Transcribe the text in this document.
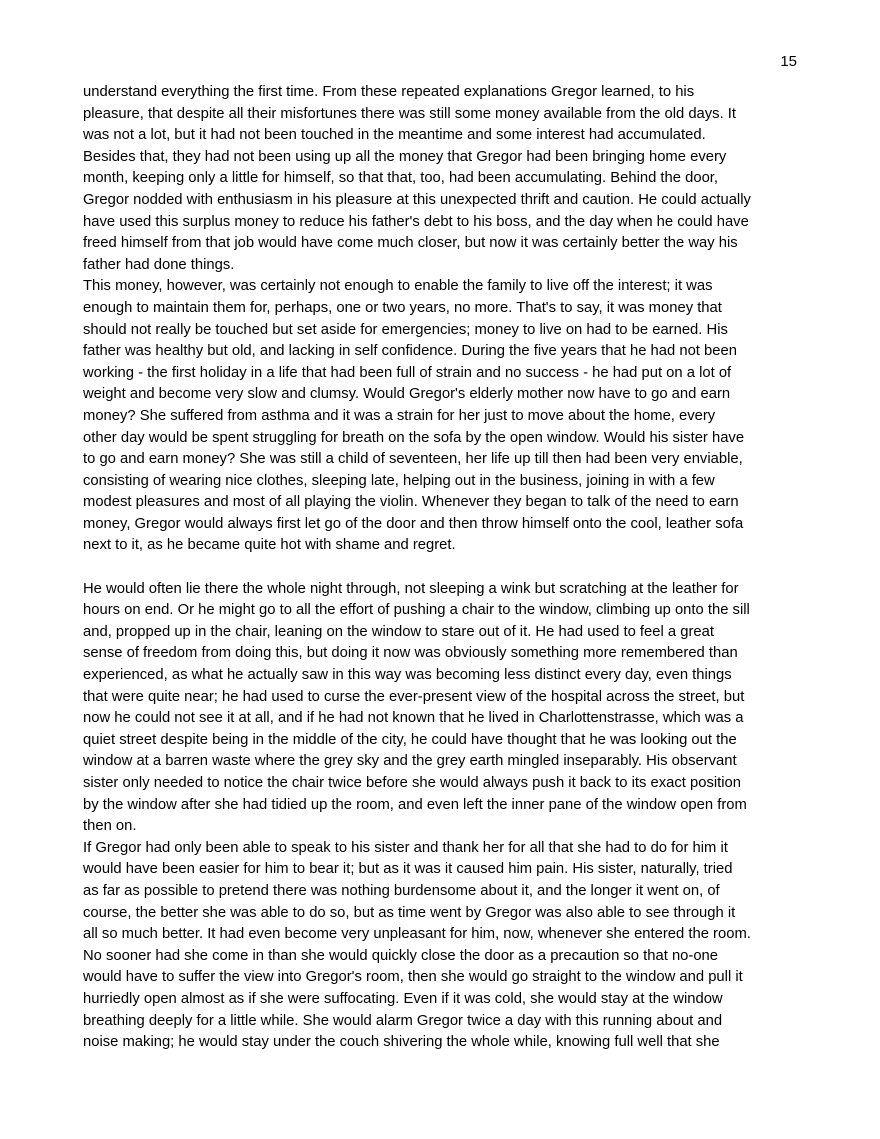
15

understand everything the first time. From these repeated explanations Gregor learned, to his
pleasure, that despite all their misfortunes there was still some money available from the old days. It
was not a lot, but it had not been touched in the meantime and some interest had accumulated.
Besides that, they had not been using up all the money that Gregor had been bringing home every
month, keeping only a little for himself, so that that, too, had been accumulating. Behind the door,
Gregor nodded with enthusiasm in his pleasure at this unexpected thrift and caution. He could actually
have used this surplus money to reduce his father's debt to his boss, and the day when he could have
freed himself from that job would have come much closer, but now it was certainly better the way his
father had done things.

This money, however, was certainly not enough to enable the family to live off the interest; it was
enough to maintain them for, perhaps, one or two years, no more. That's to say, it was money that
should not really be touched but set aside for emergencies; money to live on had to be earned. His
father was healthy but old, and lacking in self confidence. During the five years that he had not been
working - the first holiday in a life that had been full of strain and no success - he had put on a lot of
weight and become very slow and clumsy. Would Gregor's elderly mother now have to go and earn
money? She suffered from asthma and it was a strain for her just to move about the home, every
other day would be spent struggling for breath on the sofa by the open window. Would his sister have
to go and earn money? She was still a child of seventeen, her life up till then had been very enviable,
consisting of wearing nice clothes, sleeping late, helping out in the business, joining in with a few
modest pleasures and most of all playing the violin. Whenever they began to talk of the need to earn
money, Gregor would always first let go of the door and then throw himself onto the cool, leather sofa
next to it, as he became quite hot with shame and regret.

He would often lie there the whole night through, not sleeping a wink but scratching at the leather for
hours on end. Or he might go to all the effort of pushing a chair to the window, climbing up onto the sill
and, propped up in the chair, leaning on the window to stare out of it. He had used to feel a great
sense of freedom from doing this, but doing it now was obviously something more remembered than
experienced, as what he actually saw in this way was becoming less distinct every day, even things
that were quite near; he had used to curse the ever-present view of the hospital across the street, but
now he could not see it at all, and if he had not known that he lived in Charlottenstrasse, which was a
quiet street despite being in the middle of the city, he could have thought that he was looking out the
window at a barren waste where the grey sky and the grey earth mingled inseparably. His observant
sister only needed to notice the chair twice before she would always push it back to its exact position
by the window after she had tidied up the room, and even left the inner pane of the window open from
then on.

If Gregor had only been able to speak to his sister and thank her for all that she had to do for him it
would have been easier for him to bear it; but as it was it caused him pain. His sister, naturally, tried
as far as possible to pretend there was nothing burdensome about it, and the longer it went on, of
course, the better she was able to do so, but as time went by Gregor was also able to see through it
all so much better. It had even become very unpleasant for him, now, whenever she entered the room.
No sooner had she come in than she would quickly close the door as a precaution so that no-one
would have to suffer the view into Gregor's room, then she would go straight to the window and pull it
hurriedly open almost as if she were suffocating. Even if it was cold, she would stay at the window
breathing deeply for a little while. She would alarm Gregor twice a day with this running about and
noise making; he would stay under the couch shivering the whole while, knowing full well that she
